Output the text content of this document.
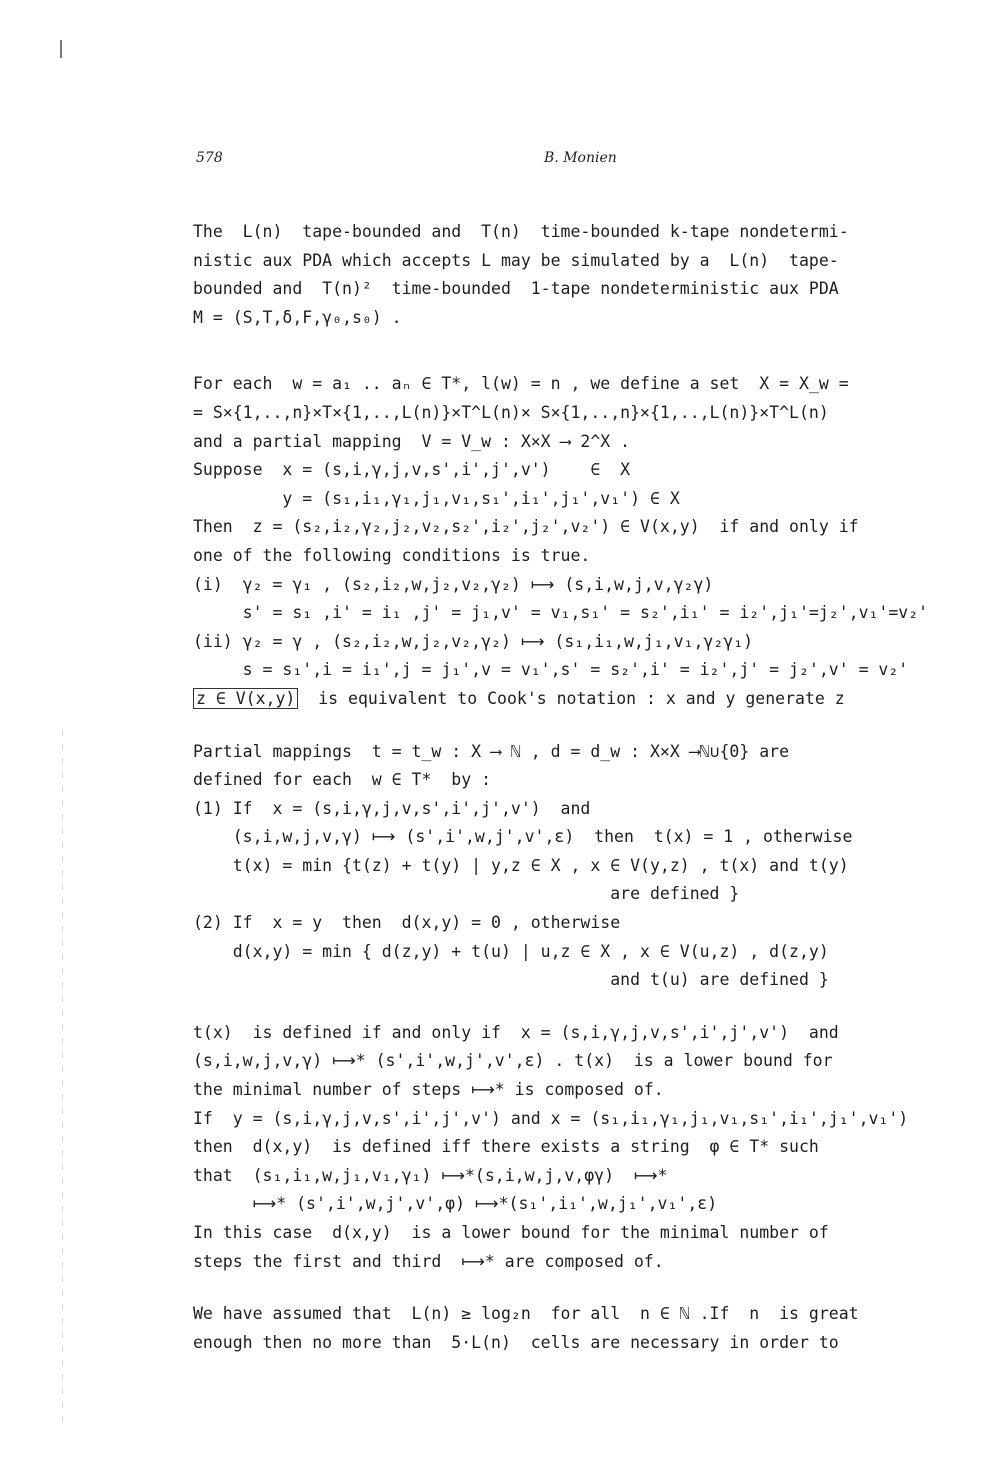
578	B. Monien
The  L(n)  tape-bounded and  T(n)  time-bounded k-tape nondetermi-
nistic aux PDA which accepts L may be simulated by a  L(n)  tape-
bounded and  T(n)²  time-bounded  1-tape nondeterministic aux PDA
M = (S,T,δ,F,γ₀,s₀) .
For each  w = a₁ .. aₙ ∈ T*, l(w) = n , we define a set  X = X_w =
= S×{1,..,n}×T×{1,..,L(n)}×T^L(n)× S×{1,..,n}×{1,..,L(n)}×T^L(n)
and a partial mapping  V = V_w : X×X ⟶ 2^X .
Suppose  x = (s,i,γ,j,v,s',i',j',v')    ∈  X
y = (s₁,i₁,γ₁,j₁,v₁,s₁',i₁',j₁',v₁') ∈ X
Then  z = (s₂,i₂,γ₂,j₂,v₂,s₂',i₂',j₂',v₂') ∈ V(x,y)  if and only if
one of the following conditions is true.
(i)  γ₂ = γ₁ , (s₂,i₂,w,j₂,v₂,γ₂) ⟼ (s,i,w,j,v,γ₂γ)
s' = s₁ ,i' = i₁ ,j' = j₁,v' = v₁,s₁' = s₂',i₁' = i₂',j₁'=j₂',v₁'=v₂'
(ii) γ₂ = γ , (s₂,i₂,w,j₂,v₂,γ₂) ⟼ (s₁,i₁,w,j₁,v₁,γ₂γ₁)
s = s₁',i = i₁',j = j₁',v = v₁',s' = s₂',i' = i₂',j' = j₂',v' = v₂'
z ∈ V(x,y)  is equivalent to Cook's notation : x and y generate z
Partial mappings  t = t_w : X ⟶ ℕ , d = d_w : X×X ⟶ℕ∪{0} are
defined for each  w ∈ T*  by :
(1) If  x = (s,i,γ,j,v,s',i',j',v')  and
(s,i,w,j,v,γ) ⟼ (s',i',w,j',v',ε)  then  t(x) = 1 , otherwise
t(x) = min {t(z) + t(y) | y,z ∈ X , x ∈ V(y,z) , t(x) and t(y)
are defined }
(2) If  x = y  then  d(x,y) = 0 , otherwise
d(x,y) = min { d(z,y) + t(u) | u,z ∈ X , x ∈ V(u,z) , d(z,y)
and t(u) are defined }
t(x)  is defined if and only if  x = (s,i,γ,j,v,s',i',j',v')  and
(s,i,w,j,v,γ) ⟼* (s',i',w,j',v',ε) . t(x)  is a lower bound for
the minimal number of steps ⟼* is composed of.
If  y = (s,i,γ,j,v,s',i',j',v') and x = (s₁,i₁,γ₁,j₁,v₁,s₁',i₁',j₁',v₁')
then  d(x,y)  is defined iff there exists a string  φ ∈ T* such
that  (s₁,i₁,w,j₁,v₁,γ₁) ⟼*(s,i,w,j,v,φγ)  ⟼*
⟼* (s',i',w,j',v',φ) ⟼*(s₁',i₁',w,j₁',v₁',ε)
In this case  d(x,y)  is a lower bound for the minimal number of
steps the first and third  ⟼* are composed of.
We have assumed that  L(n) ≥ log₂n  for all  n ∈ ℕ .If  n  is great
enough then no more than  5·L(n)  cells are necessary in order to
